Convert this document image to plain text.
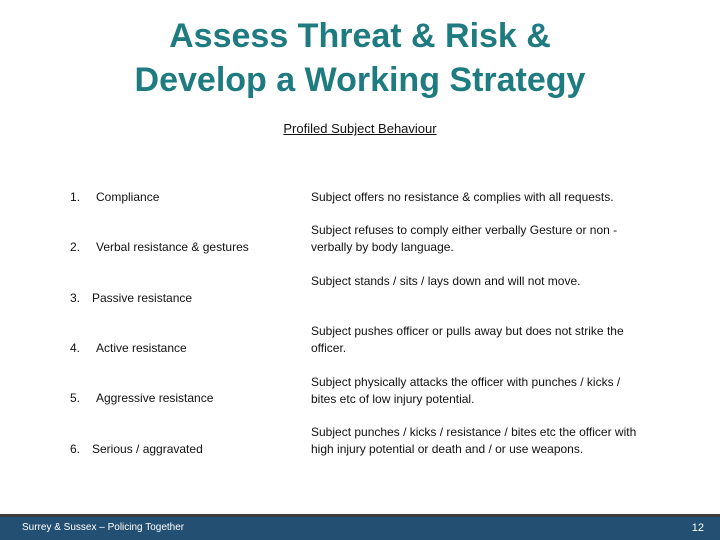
Assess Threat & Risk &
Develop a Working Strategy
Profiled Subject Behaviour
1. Compliance	Subject offers no resistance & complies with all requests.
2. Verbal resistance & gestures
Subject refuses to comply either verbally Gesture or non -verbally by body language.
3. Passive resistance
Subject stands / sits / lays down and will not move.
4. Active resistance
Subject pushes officer or pulls away but does not strike the officer.
5. Aggressive resistance
Subject physically attacks the officer with punches / kicks / bites etc of low injury potential.
6. Serious / aggravated
Subject punches / kicks / resistance / bites etc the officer with high injury potential or death and / or use weapons.
Surrey & Sussex – Policing Together	12
